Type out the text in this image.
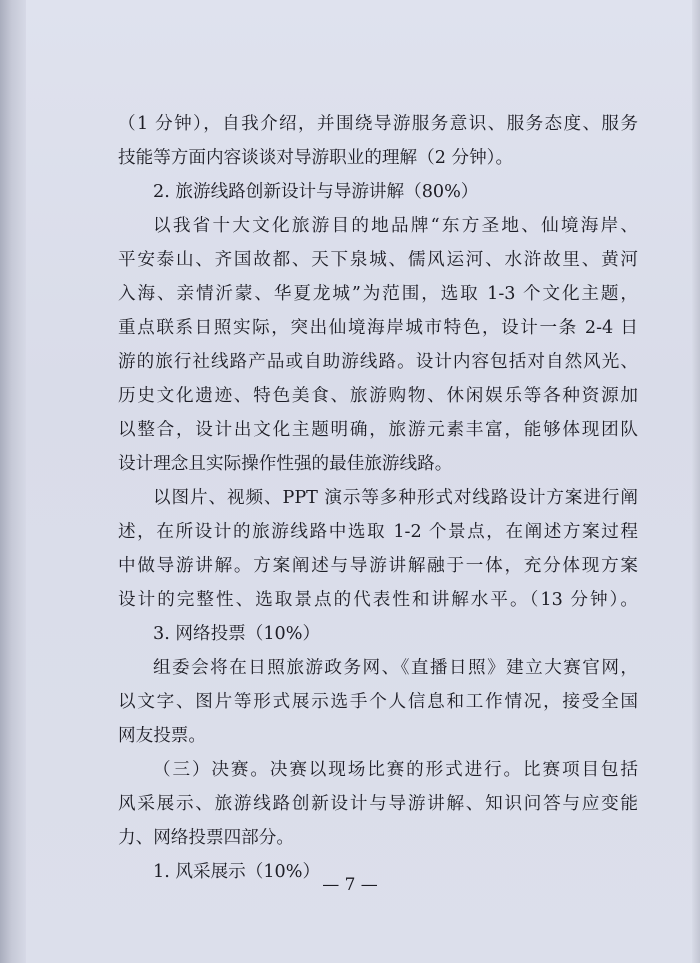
（1 分钟），自我介绍，并围绕导游服务意识、服务态度、服务
技能等方面内容谈谈对导游职业的理解（2 分钟）。
2. 旅游线路创新设计与导游讲解（80%）
以我省十大文化旅游目的地品牌“东方圣地、仙境海岸、
平安泰山、齐国故都、天下泉城、儒风运河、水浒故里、黄河
入海、亲情沂蒙、华夏龙城”为范围，选取 1-3 个文化主题，
重点联系日照实际，突出仙境海岸城市特色，设计一条 2-4 日
游的旅行社线路产品或自助游线路。设计内容包括对自然风光、
历史文化遗迹、特色美食、旅游购物、休闲娱乐等各种资源加
以整合，设计出文化主题明确，旅游元素丰富，能够体现团队
设计理念且实际操作性强的最佳旅游线路。
以图片、视频、PPT 演示等多种形式对线路设计方案进行阐
述，在所设计的旅游线路中选取 1-2 个景点，在阐述方案过程
中做导游讲解。方案阐述与导游讲解融于一体，充分体现方案
设计的完整性、选取景点的代表性和讲解水平。（13 分钟）。
3. 网络投票（10%）
组委会将在日照旅游政务网、《直播日照》建立大赛官网，
以文字、图片等形式展示选手个人信息和工作情况，接受全国
网友投票。
（三）决赛。决赛以现场比赛的形式进行。比赛项目包括
风采展示、旅游线路创新设计与导游讲解、知识问答与应变能
力、网络投票四部分。
1. 风采展示（10%）
— 7 —
